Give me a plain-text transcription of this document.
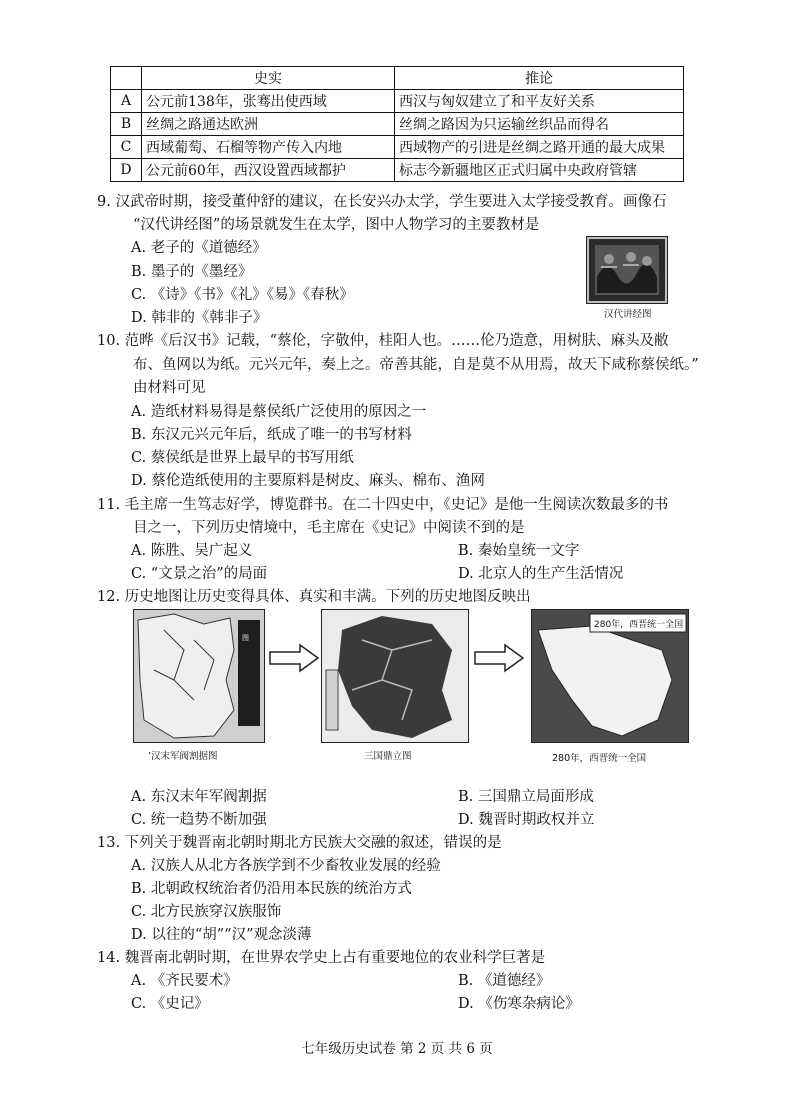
	史实	推论
A	公元前138年，张骞出使西域	西汉与匈奴建立了和平友好关系
B	丝绸之路通达欧洲	丝绸之路因为只运输丝织品而得名
C	西域葡萄、石榴等物产传入内地	西域物产的引进是丝绸之路开通的最大成果
D	公元前60年，西汉设置西域都护	标志今新疆地区正式归属中央政府管辖
9. 汉武帝时期，接受董仲舒的建议，在长安兴办太学，学生要进入太学接受教育。画像石
“汉代讲经图”的场景就发生在太学，图中人物学习的主要教材是
A. 老子的《道德经》
B. 墨子的《墨经》
C. 《诗》《书》《礼》《易》《春秋》
D. 韩非的《韩非子》	汉代讲经图
10. 范晔《后汉书》记载，“蔡伦，字敬仲，桂阳人也。……伦乃造意，用树肤、麻头及敝
布、鱼网以为纸。元兴元年，奏上之。帝善其能，自是莫不从用焉，故天下咸称蔡侯纸。”
由材料可见
A. 造纸材料易得是蔡侯纸广泛使用的原因之一
B. 东汉元兴元年后，纸成了唯一的书写材料
C. 蔡侯纸是世界上最早的书写用纸
D. 蔡伦造纸使用的主要原料是树皮、麻头、棉布、渔网
11. 毛主席一生笃志好学，博览群书。在二十四史中，《史记》是他一生阅读次数最多的书
目之一，下列历史情境中，毛主席在《史记》中阅读不到的是
A. 陈胜、吴广起义	B. 秦始皇统一文字
C. “文景之治”的局面	D. 北京人的生产生活情况
12. 历史地图让历史变得具体、真实和丰满。下列的历史地图反映出
图
’汉末军阀割据图	三国鼎立图
280年，西晋统一全国
280年，西晋统一全国
A. 东汉末年军阀割据	B. 三国鼎立局面形成
C. 统一趋势不断加强	D. 魏晋时期政权并立
13. 下列关于魏晋南北朝时期北方民族大交融的叙述，错误的是
A. 汉族人从北方各族学到不少畜牧业发展的经验
B. 北朝政权统治者仍沿用本民族的统治方式
C. 北方民族穿汉族服饰
D. 以往的“胡”“汉”观念淡薄
14. 魏晋南北朝时期，在世界农学史上占有重要地位的农业科学巨著是
A. 《齐民要术》	B. 《道德经》
C. 《史记》	D. 《伤寒杂病论》
七年级历史试卷 第 2 页 共 6 页
